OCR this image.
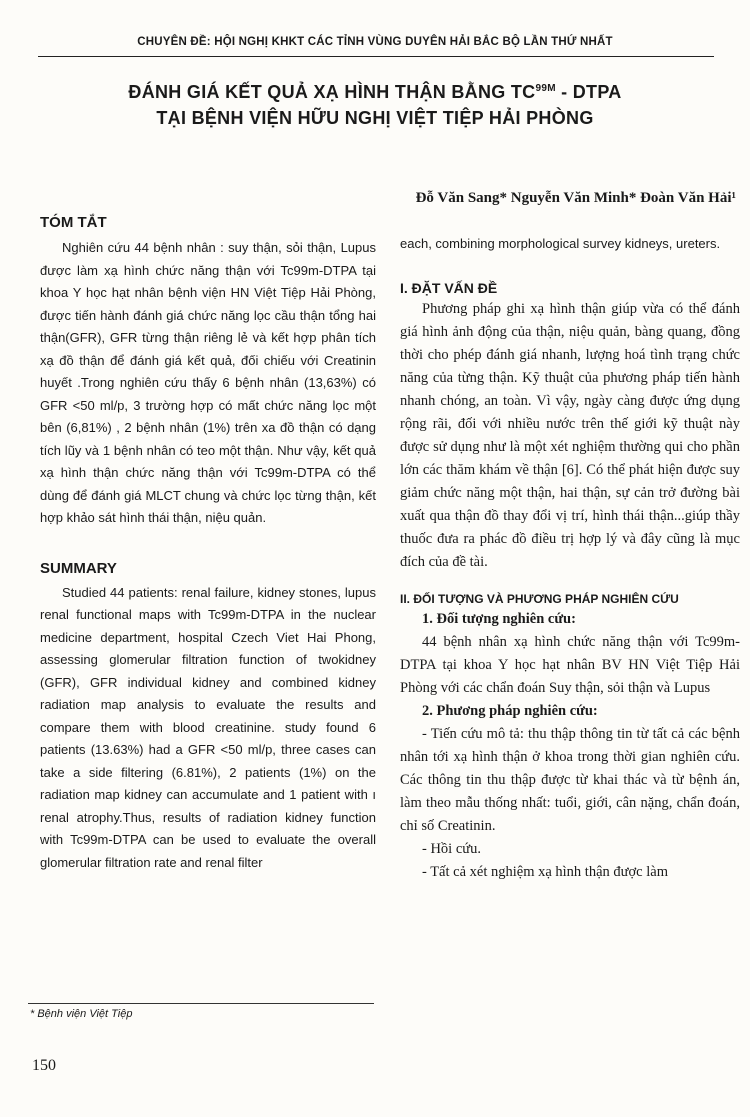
CHUYÊN ĐỀ: HỘI NGHỊ KHKT CÁC TỈNH VÙNG DUYÊN HẢI BẮC BỘ LẦN THỨ NHẤT
ĐÁNH GIÁ KẾT QUẢ XẠ HÌNH THẬN BẰNG $TC^{99M}$ - DTPA
TẠI BỆNH VIỆN HỮU NGHỊ VIỆT TIỆP HẢI PHÒNG
Đỗ Văn Sang* Nguyễn Văn Minh* Đoàn Văn Hải¹
TÓM TẮT

Nghiên cứu 44 bệnh nhân : suy thận, sỏi thận, Lupus được làm xạ hình chức năng thận với Tc99m-DTPA tại khoa Y học hạt nhân bệnh viện HN Việt Tiệp Hải Phòng, được tiến hành đánh giá chức năng lọc cầu thận tổng hai thận(GFR), GFR từng thận riêng lẻ và kết hợp phân tích xạ đồ thận để đánh giá kết quả, đối chiếu với Creatinin huyết .Trong nghiên cứu thấy 6 bệnh nhân (13,63%) có GFR <50 ml/p, 3 trường hợp có mất chức năng lọc một bên (6,81%) , 2 bệnh nhân (1%) trên xa đồ thận có dạng tích lũy và 1 bệnh nhân có teo một thận. Như vậy, kết quả xạ hình thận chức năng thận với Tc99m-DTPA có thể dùng để đánh giá MLCT chung và chức lọc từng thận, kết hợp khảo sát hình thái thận, niệu quản.

SUMMARY

Studied 44 patients: renal failure, kidney stones, lupus renal functional maps with Tc99m-DTPA in the nuclear medicine department, hospital Czech Viet Hai Phong, assessing glomerular filtration function of twokidney (GFR), GFR individual kidney and combined kidney radiation map analysis to evaluate the results and compare them with blood creatinine. study found 6 patients (13.63%) had a GFR <50 ml/p, three cases can take a side filtering (6.81%), 2 patients (1%) on the radiation map kidney can accumulate and 1 patient with ı renal atrophy.Thus, results of radiation kidney function with Tc99m-DTPA can be used to evaluate the overall glomerular filtration rate and renal filter

each, combining morphological survey kidneys, ureters.

I. ĐẶT VẤN ĐỀ

Phương pháp ghi xạ hình thận giúp vừa có thể đánh giá hình ảnh động của thận, niệu quản, bàng quang, đồng thời cho phép đánh giá nhanh, lượng hoá tình trạng chức năng của từng thận. Kỹ thuật của phương pháp tiến hành nhanh chóng, an toàn. Vì vậy, ngày càng được ứng dụng rộng rãi, đối với nhiều nước trên thế giới kỹ thuật này được sử dụng như là một xét nghiệm thường qui cho phần lớn các thăm khám về thận [6]. Có thể phát hiện được suy giảm chức năng một thận, hai thận, sự cản trở đường bài xuất qua thận đồ thay đổi vị trí, hình thái thận...giúp thầy thuốc đưa ra phác đồ điều trị hợp lý và đây cũng là mục đích của đề tài.

II. ĐỐI TƯỢNG VÀ PHƯƠNG PHÁP NGHIÊN CỨU

1. Đối tượng nghiên cứu:

44 bệnh nhân xạ hình chức năng thận với Tc99m- DTPA tại khoa Y học hạt nhân BV HN Việt Tiệp Hải Phòng với các chẩn đoán Suy thận, sỏi thận và Lupus

2. Phương pháp nghiên cứu:

- Tiến cứu mô tả: thu thập thông tin từ tất cả các bệnh nhân tới xạ hình thận ở khoa trong thời gian nghiên cứu. Các thông tin thu thập được từ khai thác và từ bệnh án, làm theo mẫu thống nhất: tuổi, giới, cân nặng, chẩn đoán, chỉ số Creatinin.

- Hồi cứu.

- Tất cả xét nghiệm xạ hình thận được làm

* Bệnh viện Việt Tiệp
150
